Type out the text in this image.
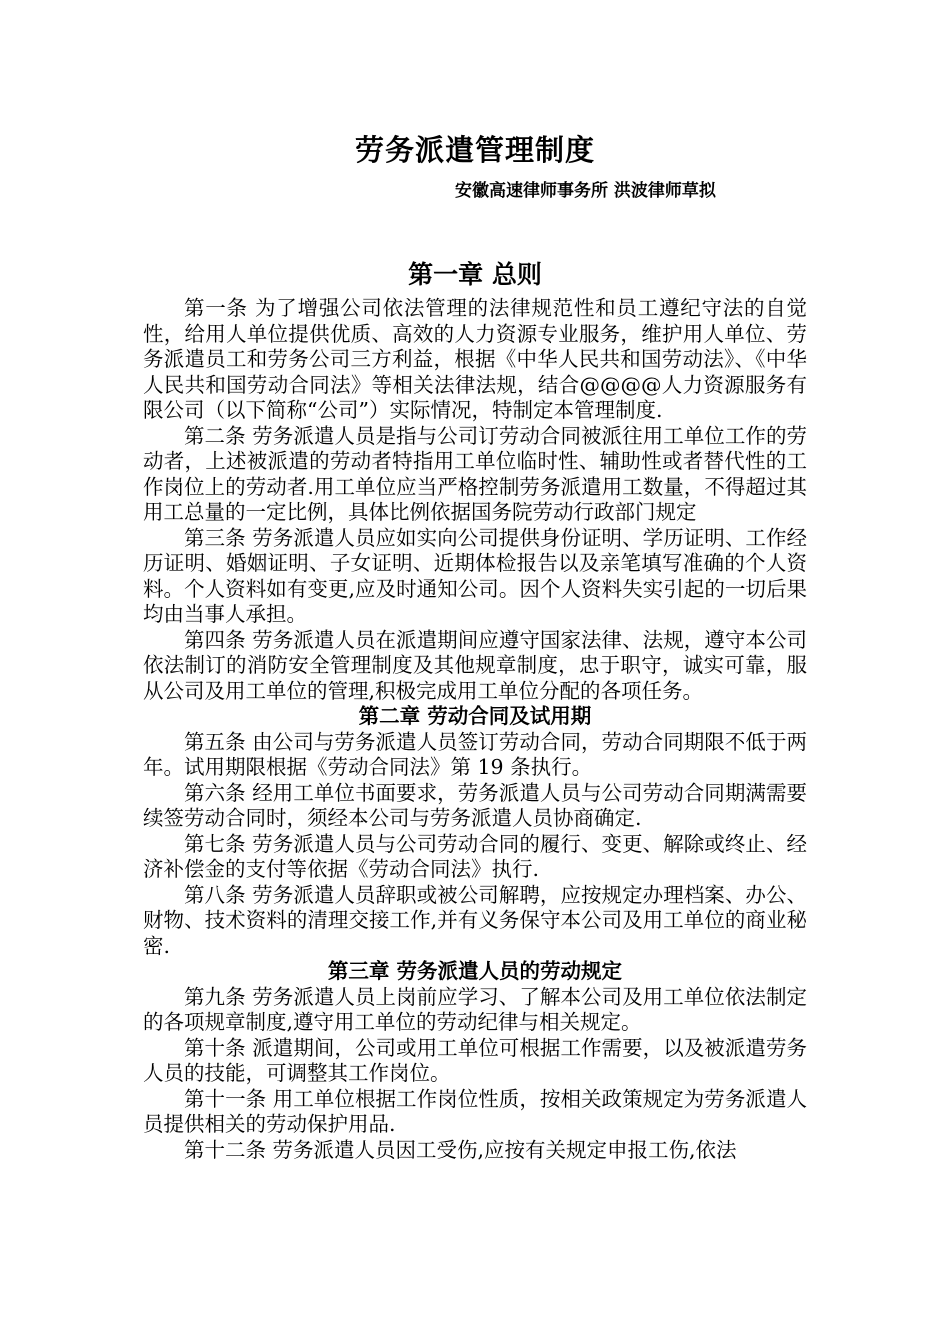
劳务派遣管理制度
安徽高速律师事务所 洪波律师草拟
第一章 总则

第一条 为了增强公司依法管理的法律规范性和员工遵纪守法的自觉性，给用人单位提供优质、高效的人力资源专业服务，维护用人单位、劳务派遣员工和劳务公司三方利益，根据《中华人民共和国劳动法》、《中华人民共和国劳动合同法》等相关法律法规，结合@@@@人力资源服务有限公司（以下简称“公司”）实际情况，特制定本管理制度.

第二条 劳务派遣人员是指与公司订劳动合同被派往用工单位工作的劳动者，上述被派遣的劳动者特指用工单位临时性、辅助性或者替代性的工作岗位上的劳动者.用工单位应当严格控制劳务派遣用工数量，不得超过其用工总量的一定比例，具体比例依据国务院劳动行政部门规定

第三条 劳务派遣人员应如实向公司提供身份证明、学历证明、工作经历证明、婚姻证明、子女证明、近期体检报告以及亲笔填写准确的个人资料。个人资料如有变更,应及时通知公司。因个人资料失实引起的一切后果均由当事人承担。

第四条 劳务派遣人员在派遣期间应遵守国家法律、法规，遵守本公司依法制订的消防安全管理制度及其他规章制度，忠于职守，诚实可靠，服从公司及用工单位的管理,积极完成用工单位分配的各项任务。

第二章 劳动合同及试用期

第五条 由公司与劳务派遣人员签订劳动合同，劳动合同期限不低于两年。试用期限根据《劳动合同法》第 19 条执行。

第六条 经用工单位书面要求，劳务派遣人员与公司劳动合同期满需要续签劳动合同时，须经本公司与劳务派遣人员协商确定.

第七条 劳务派遣人员与公司劳动合同的履行、变更、解除或终止、经济补偿金的支付等依据《劳动合同法》执行.

第八条 劳务派遣人员辞职或被公司解聘，应按规定办理档案、办公、财物、技术资料的清理交接工作,并有义务保守本公司及用工单位的商业秘密.

第三章 劳务派遣人员的劳动规定

第九条 劳务派遣人员上岗前应学习、了解本公司及用工单位依法制定的各项规章制度,遵守用工单位的劳动纪律与相关规定。

第十条 派遣期间，公司或用工单位可根据工作需要，以及被派遣劳务人员的技能，可调整其工作岗位。

第十一条 用工单位根据工作岗位性质，按相关政策规定为劳务派遣人员提供相关的劳动保护用品.

第十二条 劳务派遣人员因工受伤,应按有关规定申报工伤,依法
